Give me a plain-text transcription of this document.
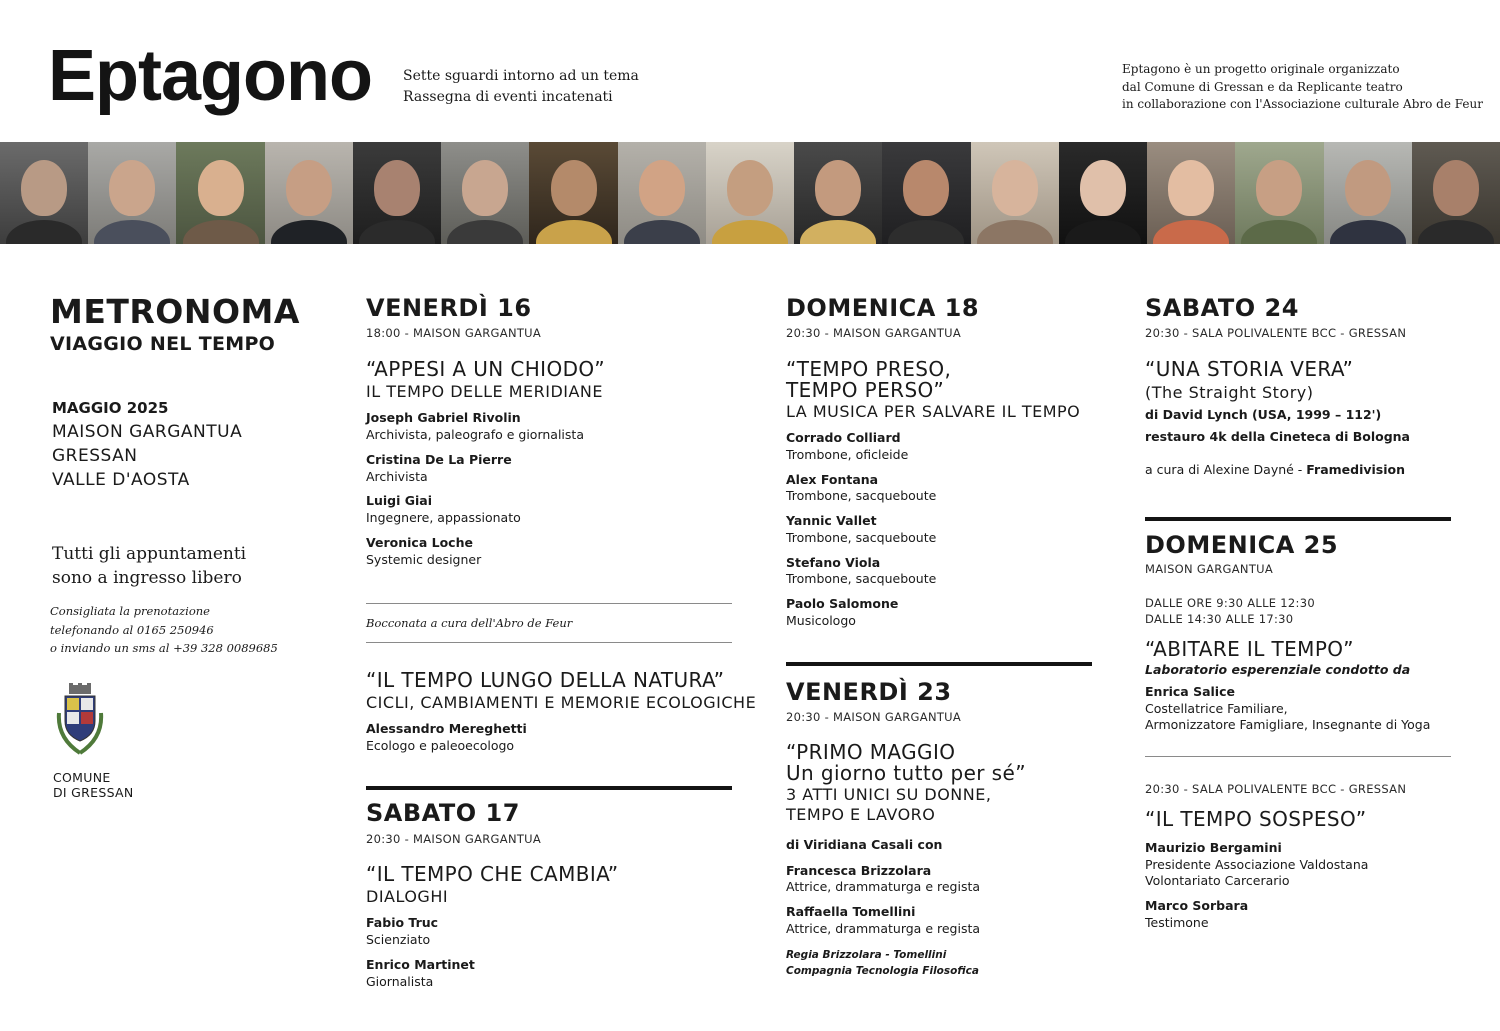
Eptagono Sette sguardi intorno ad un tema
Rassegna di eventi incatenati
Eptagono è un progetto originale organizzato
dal Comune di Gressan e da Replicante teatro
in collaborazione con l'Associazione culturale Abro de Feur
METRONOMA
VIAGGIO NEL TEMPO
MAGGIO 2025
MAISON GARGANTUA
GRESSAN
VALLE D'AOSTA
Tutti gli appuntamenti
sono a ingresso libero
Consigliata la prenotazione
telefonando al 0165 250946
o inviando un sms al +39 328 0089685
COMUNE
DI GRESSAN
VENERDÌ 16
18:00 - MAISON GARGANTUA
“APPESI A UN CHIODO”
IL TEMPO DELLE MERIDIANE
Joseph Gabriel Rivolin
Archivista, paleografo e giornalista
Cristina De La Pierre
Archivista
Luigi Giai
Ingegnere, appassionato
Veronica Loche
Systemic designer
Bocconata a cura dell'Abro de Feur
“IL TEMPO LUNGO DELLA NATURA”
CICLI, CAMBIAMENTI E MEMORIE ECOLOGICHE
Alessandro Mereghetti
Ecologo e paleoecologo
SABATO 17
20:30 - MAISON GARGANTUA
“IL TEMPO CHE CAMBIA”
DIALOGHI
Fabio Truc
Scienziato
Enrico Martinet
Giornalista
DOMENICA 18
20:30 - MAISON GARGANTUA
“TEMPO PRESO,
TEMPO PERSO”
LA MUSICA PER SALVARE IL TEMPO
Corrado Colliard
Trombone, oficleide
Alex Fontana
Trombone, sacqueboute
Yannic Vallet
Trombone, sacqueboute
Stefano Viola
Trombone, sacqueboute
Paolo Salomone
Musicologo
VENERDÌ 23
20:30 - MAISON GARGANTUA
“PRIMO MAGGIO
Un giorno tutto per sé”
3 ATTI UNICI SU DONNE,
TEMPO E LAVORO
di Viridiana Casali con
Francesca Brizzolara
Attrice, drammaturga e regista
Raffaella Tomellini
Attrice, drammaturga e regista
Regia Brizzolara - Tomellini
Compagnia Tecnologia Filosofica
SABATO 24
20:30 - SALA POLIVALENTE BCC - GRESSAN
“UNA STORIA VERA”
(The Straight Story)
di David Lynch (USA, 1999 – 112')
restauro 4k della Cineteca di Bologna
a cura di Alexine Dayné - Framedivision
DOMENICA 25
MAISON GARGANTUA
DALLE ORE 9:30 ALLE 12:30
DALLE 14:30 ALLE 17:30
“ABITARE IL TEMPO”
Laboratorio esperenziale condotto da
Enrica Salice
Costellatrice Familiare,
Armonizzatore Famigliare, Insegnante di Yoga
20:30 - SALA POLIVALENTE BCC - GRESSAN
“IL TEMPO SOSPESO”
Maurizio Bergamini
Presidente Associazione Valdostana
Volontariato Carcerario
Marco Sorbara
Testimone
